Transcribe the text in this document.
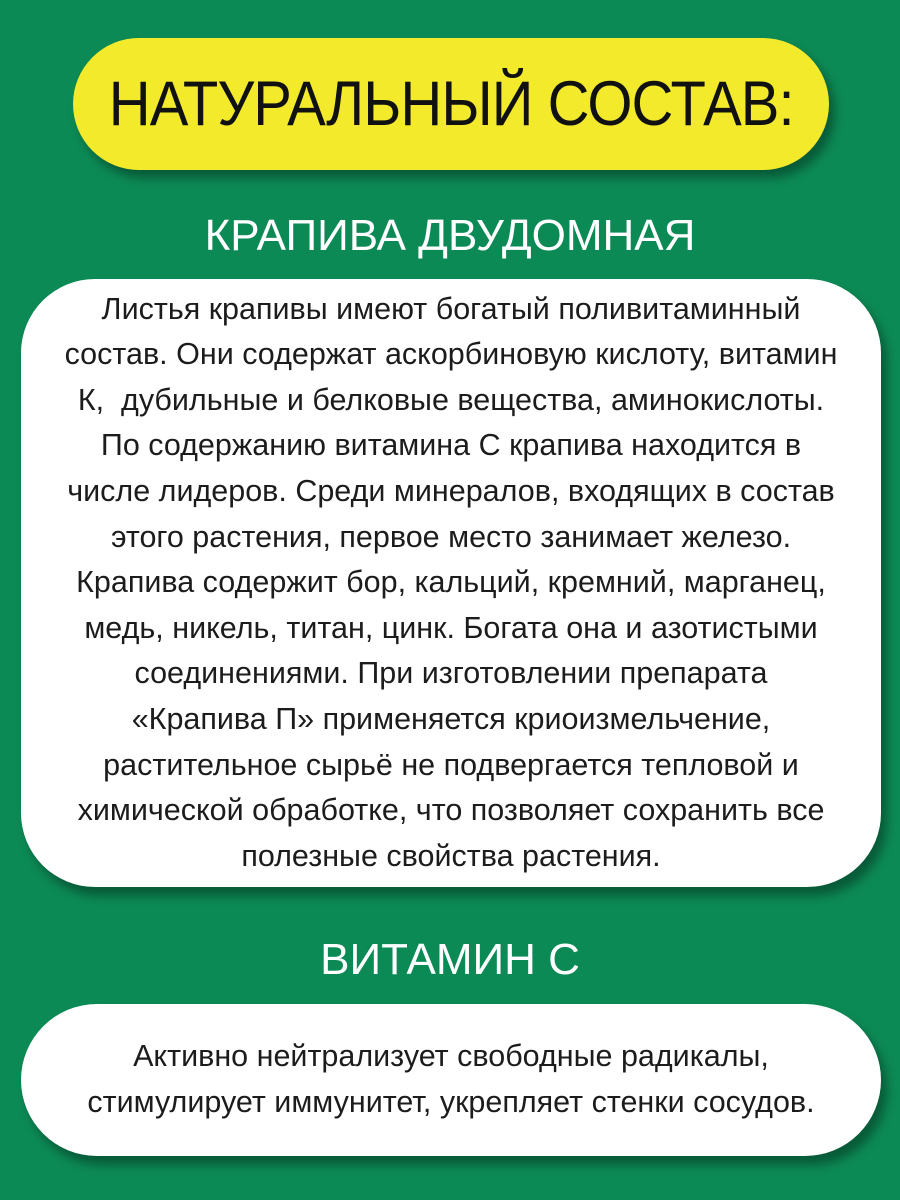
НАТУРАЛЬНЫЙ СОСТАВ:
КРАПИВА ДВУДОМНАЯ

Листья крапивы имеют богатый поливитаминный
состав. Они содержат аскорбиновую кислоту, витамин
К,  дубильные и белковые вещества, аминокислоты.
По содержанию витамина С крапива находится в
числе лидеров. Среди минералов, входящих в состав
этого растения, первое место занимает железо.
Крапива содержит бор, кальций, кремний, марганец,
медь, никель, титан, цинк. Богата она и азотистыми
соединениями. При изготовлении препарата
«Крапива П» применяется криоизмельчение,
растительное сырьё не подвергается тепловой и
химической обработке, что позволяет сохранить все
полезные свойства растения.

ВИТАМИН С

Активно нейтрализует свободные радикалы,
стимулирует иммунитет, укрепляет стенки сосудов.
